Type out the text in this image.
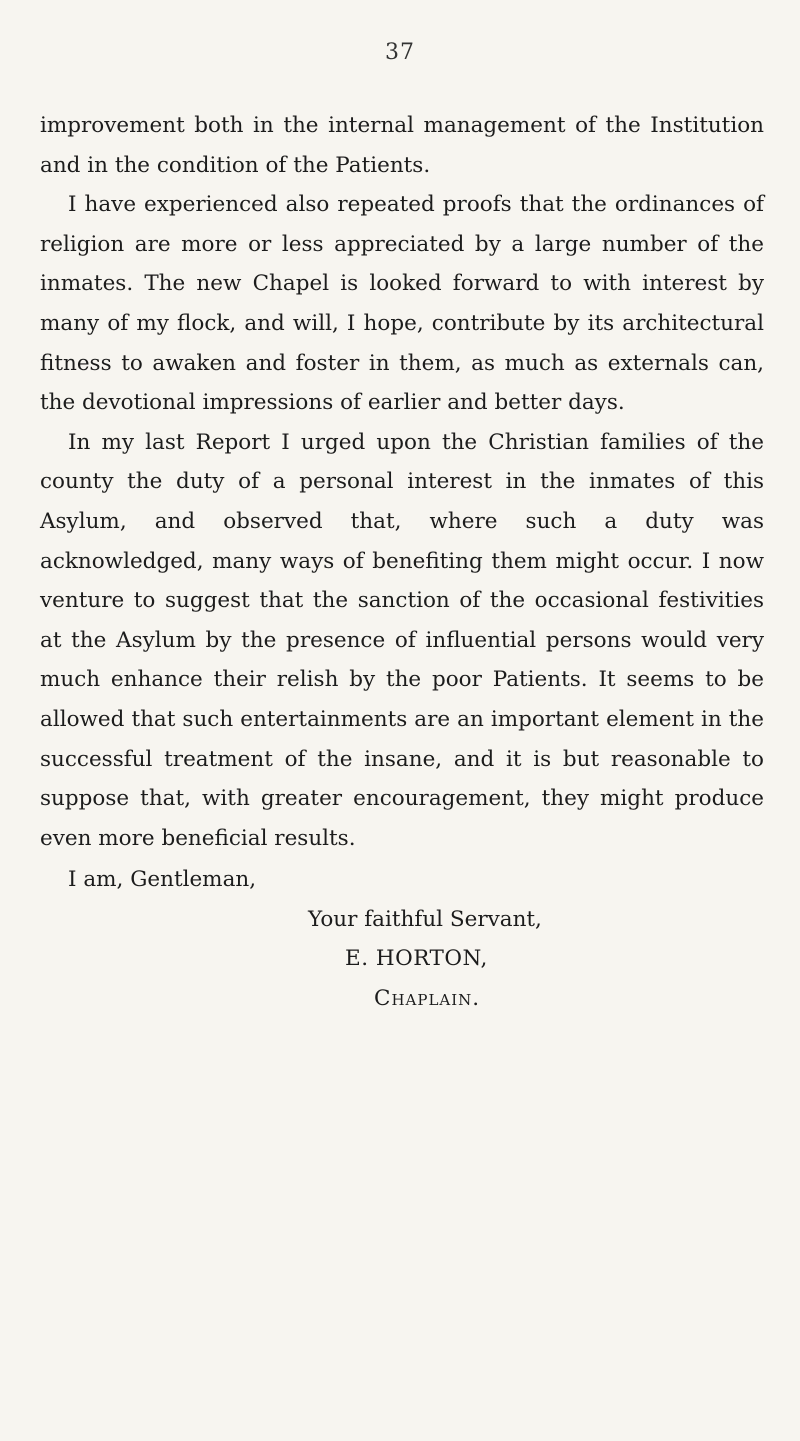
37

improvement both in the internal management of the Institution and in the condition of the Patients.

I have experienced also repeated proofs that the ordinances of religion are more or less appreciated by a large number of the inmates. The new Chapel is looked forward to with interest by many of my flock, and will, I hope, contribute by its architectural fitness to awaken and foster in them, as much as externals can, the devotional impressions of earlier and better days.

In my last Report I urged upon the Christian families of the county the duty of a personal interest in the inmates of this Asylum, and observed that, where such a duty was acknowledged, many ways of benefiting them might occur. I now venture to suggest that the sanction of the occasional festivities at the Asylum by the presence of influential persons would very much enhance their relish by the poor Patients. It seems to be allowed that such entertainments are an important element in the successful treatment of the insane, and it is but reasonable to suppose that, with greater encouragement, they might produce even more beneficial results.

I am, Gentleman,
Your faithful Servant,
E. HORTON,
Chaplain.
